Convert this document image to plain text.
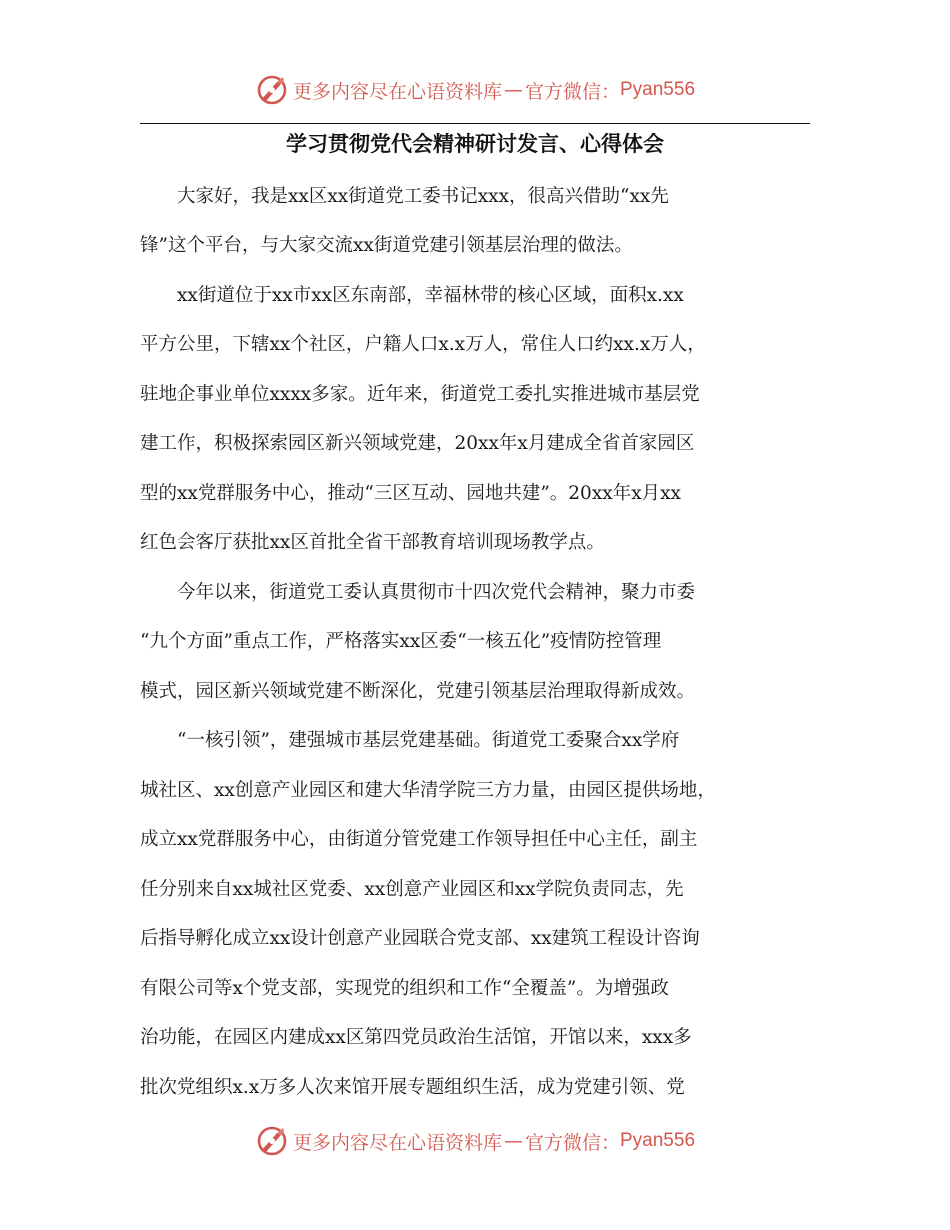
更多内容尽在心语资料库 — 官方微信： Pyan556
学习贯彻党代会精神研讨发言、心得体会

　　大家好，我是xx区xx街道党工委书记xxx，很高兴借助“xx先

锋”这个平台，与大家交流xx街道党建引领基层治理的做法。

　　xx街道位于xx市xx区东南部，幸福林带的核心区域，面积x.xx

平方公里，下辖xx个社区，户籍人口x.x万人，常住人口约xx.x万人，

驻地企事业单位xxxx多家。近年来，街道党工委扎实推进城市基层党

建工作，积极探索园区新兴领域党建，20xx年x月建成全省首家园区

型的xx党群服务中心，推动“三区互动、园地共建”。20xx年x月xx

红色会客厅获批xx区首批全省干部教育培训现场教学点。

　　今年以来，街道党工委认真贯彻市十四次党代会精神，聚力市委

“九个方面”重点工作，严格落实xx区委“一核五化”疫情防控管理

模式，园区新兴领域党建不断深化，党建引领基层治理取得新成效。

　　“一核引领”，建强城市基层党建基础。街道党工委聚合xx学府

城社区、xx创意产业园区和建大华清学院三方力量，由园区提供场地，

成立xx党群服务中心，由街道分管党建工作领导担任中心主任，副主

任分别来自xx城社区党委、xx创意产业园区和xx学院负责同志，先

后指导孵化成立xx设计创意产业园联合党支部、xx建筑工程设计咨询

有限公司等x个党支部，实现党的组织和工作“全覆盖”。为增强政

治功能，在园区内建成xx区第四党员政治生活馆，开馆以来，xxx多

批次党组织x.x万多人次来馆开展专题组织生活，成为党建引领、党

更多内容尽在心语资料库 — 官方微信： Pyan556
